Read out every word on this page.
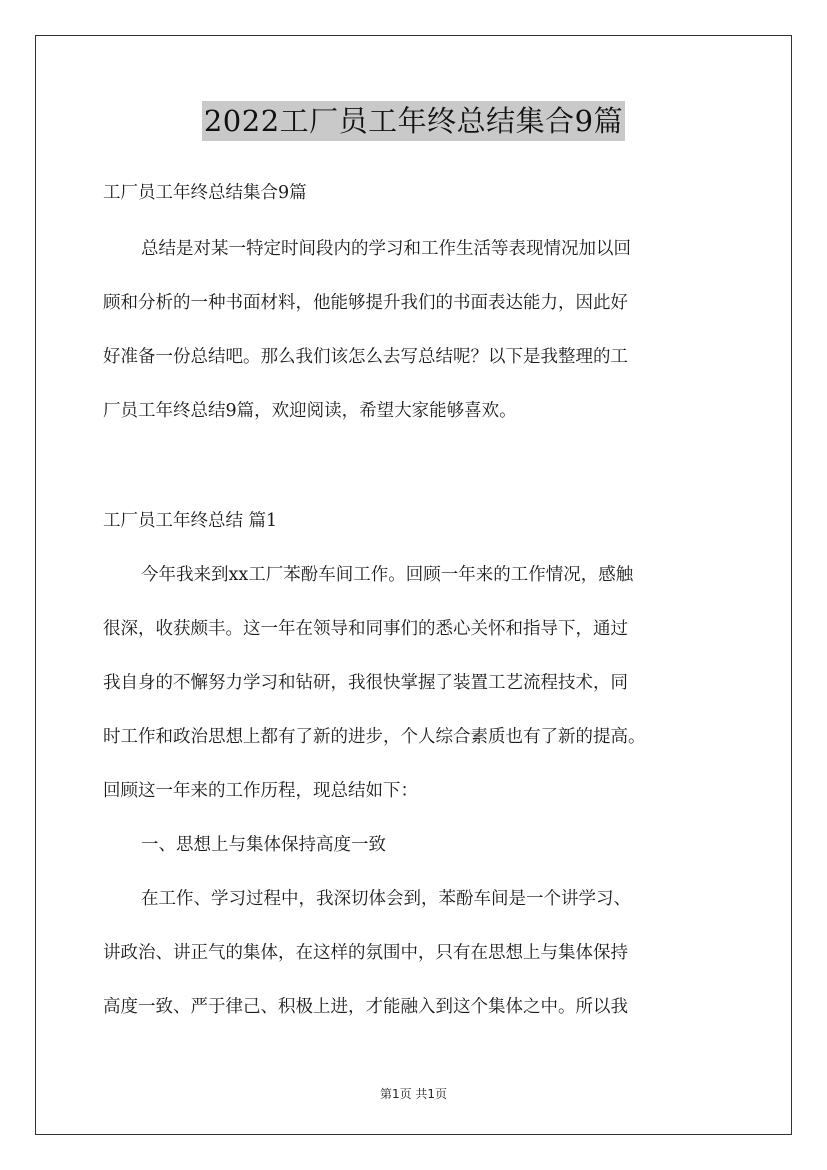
2022工厂员工年终总结集合9篇
工厂员工年终总结集合9篇
总结是对某一特定时间段内的学习和工作生活等表现情况加以回
顾和分析的一种书面材料，他能够提升我们的书面表达能力，因此好
好准备一份总结吧。那么我们该怎么去写总结呢？以下是我整理的工
厂员工年终总结9篇，欢迎阅读，希望大家能够喜欢。
工厂员工年终总结 篇1
今年我来到xx工厂苯酚车间工作。回顾一年来的工作情况，感触
很深，收获颇丰。这一年在领导和同事们的悉心关怀和指导下，通过
我自身的不懈努力学习和钻研，我很快掌握了装置工艺流程技术，同
时工作和政治思想上都有了新的进步，个人综合素质也有了新的提高。
回顾这一年来的工作历程，现总结如下：
一、思想上与集体保持高度一致
在工作、学习过程中，我深切体会到，苯酚车间是一个讲学习、
讲政治、讲正气的集体，在这样的氛围中，只有在思想上与集体保持
高度一致、严于律己、积极上进，才能融入到这个集体之中。所以我
第1页 共1页
